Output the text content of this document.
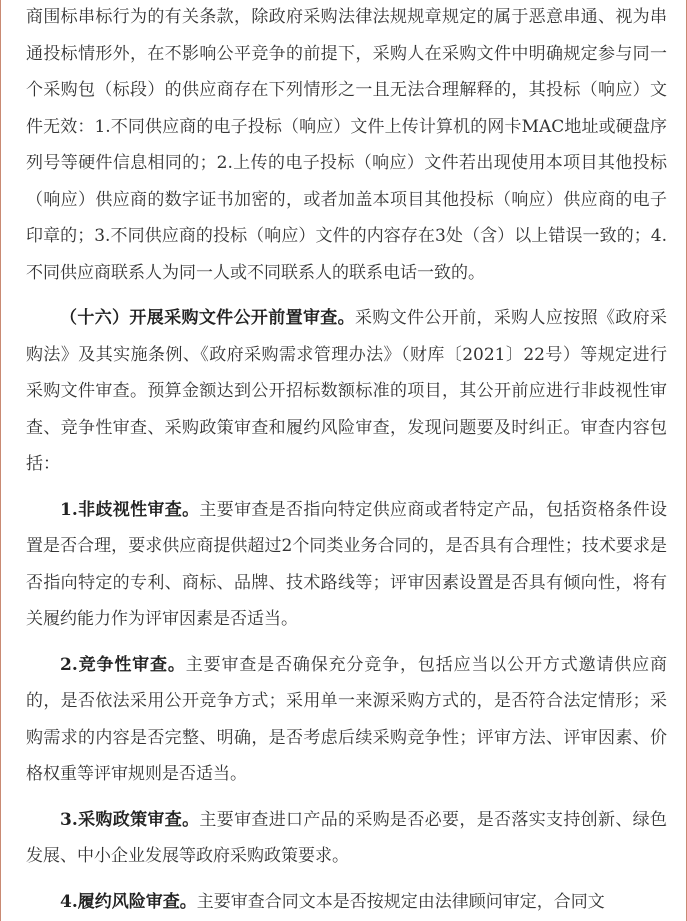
商围标串标行为的有关条款，除政府采购法律法规规章规定的属于恶意串通、视为串通投标情形外，在不影响公平竞争的前提下，采购人在采购文件中明确规定参与同一个采购包（标段）的供应商存在下列情形之一且无法合理解释的，其投标（响应）文件无效：1.不同供应商的电子投标（响应）文件上传计算机的网卡MAC地址或硬盘序列号等硬件信息相同的；2.上传的电子投标（响应）文件若出现使用本项目其他投标（响应）供应商的数字证书加密的，或者加盖本项目其他投标（响应）供应商的电子印章的；3.不同供应商的投标（响应）文件的内容存在3处（含）以上错误一致的；4.不同供应商联系人为同一人或不同联系人的联系电话一致的。

（十六）开展采购文件公开前置审查。采购文件公开前，采购人应按照《政府采购法》及其实施条例、《政府采购需求管理办法》（财库〔2021〕22号）等规定进行采购文件审查。预算金额达到公开招标数额标准的项目，其公开前应进行非歧视性审查、竞争性审查、采购政策审查和履约风险审查，发现问题要及时纠正。审查内容包括：

1.非歧视性审查。主要审查是否指向特定供应商或者特定产品，包括资格条件设置是否合理，要求供应商提供超过2个同类业务合同的，是否具有合理性；技术要求是否指向特定的专利、商标、品牌、技术路线等；评审因素设置是否具有倾向性，将有关履约能力作为评审因素是否适当。

2.竞争性审查。主要审查是否确保充分竞争，包括应当以公开方式邀请供应商的，是否依法采用公开竞争方式；采用单一来源采购方式的，是否符合法定情形；采购需求的内容是否完整、明确，是否考虑后续采购竞争性；评审方法、评审因素、价格权重等评审规则是否适当。

3.采购政策审查。主要审查进口产品的采购是否必要，是否落实支持创新、绿色发展、中小企业发展等政府采购政策要求。

4.履约风险审查。主要审查合同文本是否按规定由法律顾问审定，合同文
